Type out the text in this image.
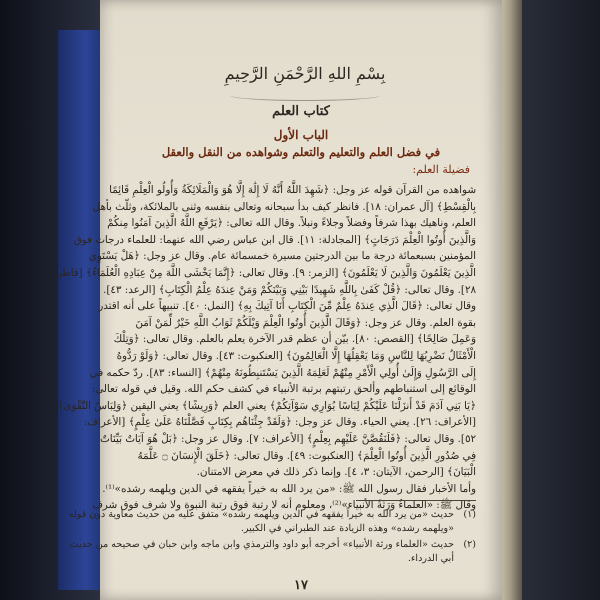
بِسْمِ اللهِ الرَّحْمَنِ الرَّحِيمِ
كتاب العلم
الباب الأول
في فضل العلم والتعليم والتعلم وشواهده من النقل والعقل
فضيلة العلم:
شواهده من القرآن قوله عز وجل: ﴿شَهِدَ اللَّهُ أَنَّهُ لَا إِلَٰهَ إِلَّا هُوَ وَالْمَلَائِكَةُ وَأُولُو الْعِلْمِ قَائِمًا
بِالْقِسْطِ﴾ [آل عمران: ١٨]. فانظر كيف بدأ سبحانه وتعالى بنفسه وثنى بالملائكة، وثلّث بأهل
العلم، وناهيك بهذا شرفاً وفضلاً وجلاءً ونبلاً. وقال الله تعالى: ﴿يَرْفَعِ اللَّهُ الَّذِينَ آمَنُوا مِنكُمْ
وَالَّذِينَ أُوتُوا الْعِلْمَ دَرَجَاتٍ﴾ [المجادلة: ١١]. قال ابن عباس رضي الله عنهما: للعلماء درجات فوق
المؤمنين بسبعمائة درجة ما بين الدرجتين مسيرة خمسمائة عام. وقال عز وجل: ﴿هَلْ يَسْتَوِي
الَّذِينَ يَعْلَمُونَ وَالَّذِينَ لَا يَعْلَمُونَ﴾ [الزمر: ٩]. وقال تعالى: ﴿إِنَّمَا يَخْشَى اللَّهَ مِنْ عِبَادِهِ الْعُلَمَاءُ﴾ [فاطر:
٢٨]. وقال تعالى: ﴿قُلْ كَفَىٰ بِاللَّهِ شَهِيدًا بَيْنِي وَبَيْنَكُمْ وَمَنْ عِندَهُ عِلْمُ الْكِتَابِ﴾ [الرعد: ٤٣].
وقال تعالى: ﴿قَالَ الَّذِي عِندَهُ عِلْمٌ مِّنَ الْكِتَابِ أَنَا آتِيكَ بِهِ﴾ [النمل: ٤٠]. تنبيهاً على أنه اقتدر
بقوة العلم. وقال عز وجل: ﴿وَقَالَ الَّذِينَ أُوتُوا الْعِلْمَ وَيْلَكُمْ ثَوَابُ اللَّهِ خَيْرٌ لِّمَنْ آمَنَ
وَعَمِلَ صَالِحًا﴾ [القصص: ٨٠]. بيّن أن عظم قدر الآخرة يعلم بالعلم. وقال تعالى: ﴿وَتِلْكَ
الْأَمْثَالُ نَضْرِبُهَا لِلنَّاسِ وَمَا يَعْقِلُهَا إِلَّا الْعَالِمُونَ﴾ [العنكبوت: ٤٣]. وقال تعالى: ﴿وَلَوْ رَدُّوهُ
إِلَى الرَّسُولِ وَإِلَىٰ أُولِي الْأَمْرِ مِنْهُمْ لَعَلِمَهُ الَّذِينَ يَسْتَنبِطُونَهُ مِنْهُمْ﴾ [النساء: ٨٣]. ردّ حكمه في
الوقائع إلى استنباطهم وألحق رتبتهم برتبة الأنبياء في كشف حكم الله. وقيل في قوله تعالى:
﴿يَا بَنِي آدَمَ قَدْ أَنزَلْنَا عَلَيْكُمْ لِبَاسًا يُوَارِي سَوْآتِكُمْ﴾ يعني العلم ﴿وَرِيشًا﴾ يعني اليقين ﴿وَلِبَاسُ التَّقْوَىٰ﴾
[الأعراف: ٢٦]. يعني الحياء. وقال عز وجل: ﴿وَلَقَدْ جِئْنَاهُم بِكِتَابٍ فَصَّلْنَاهُ عَلَىٰ عِلْمٍ﴾ [الأعراف:
٥٢]. وقال تعالى: ﴿فَلَنَقُصَّنَّ عَلَيْهِم بِعِلْمٍ﴾ [الأعراف: ٧]. وقال عز وجل: ﴿بَلْ هُوَ آيَاتٌ بَيِّنَاتٌ
فِي صُدُورِ الَّذِينَ أُوتُوا الْعِلْمَ﴾ [العنكبوت: ٤٩]. وقال تعالى: ﴿خَلَقَ الْإِنسَانَ ۝ عَلَّمَهُ
الْبَيَانَ﴾ [الرحمن، الآيتان: ٣، ٤]. وإنما ذكر ذلك في معرض الامتنان.
وأما الأخبار فقال رسول الله ﷺ: «من يرد الله به خيراً يفقهه في الدين ويلهمه رشده»⁽¹⁾.
وقال ﷺ: «العلماءُ وَرَثَةُ الأنبياء»⁽²⁾، ومعلوم أنه لا رتبة فوق رتبة النبوة ولا شرف فوق شرف
(١)
حديث «من يرد الله به خيراً يفقهه في الدين ويلهمه رشده» متفق عليه من حديث معاوية دون قوله
«ويلهمه رشده» وهذه الزيادة عند الطبراني في الكبير.
(٢)
حديث «العلماء ورثة الأنبياء» أخرجه أبو داود والترمذي وابن ماجه وابن حبان في صحيحه من حديث
أبي الدرداء.
١٧
